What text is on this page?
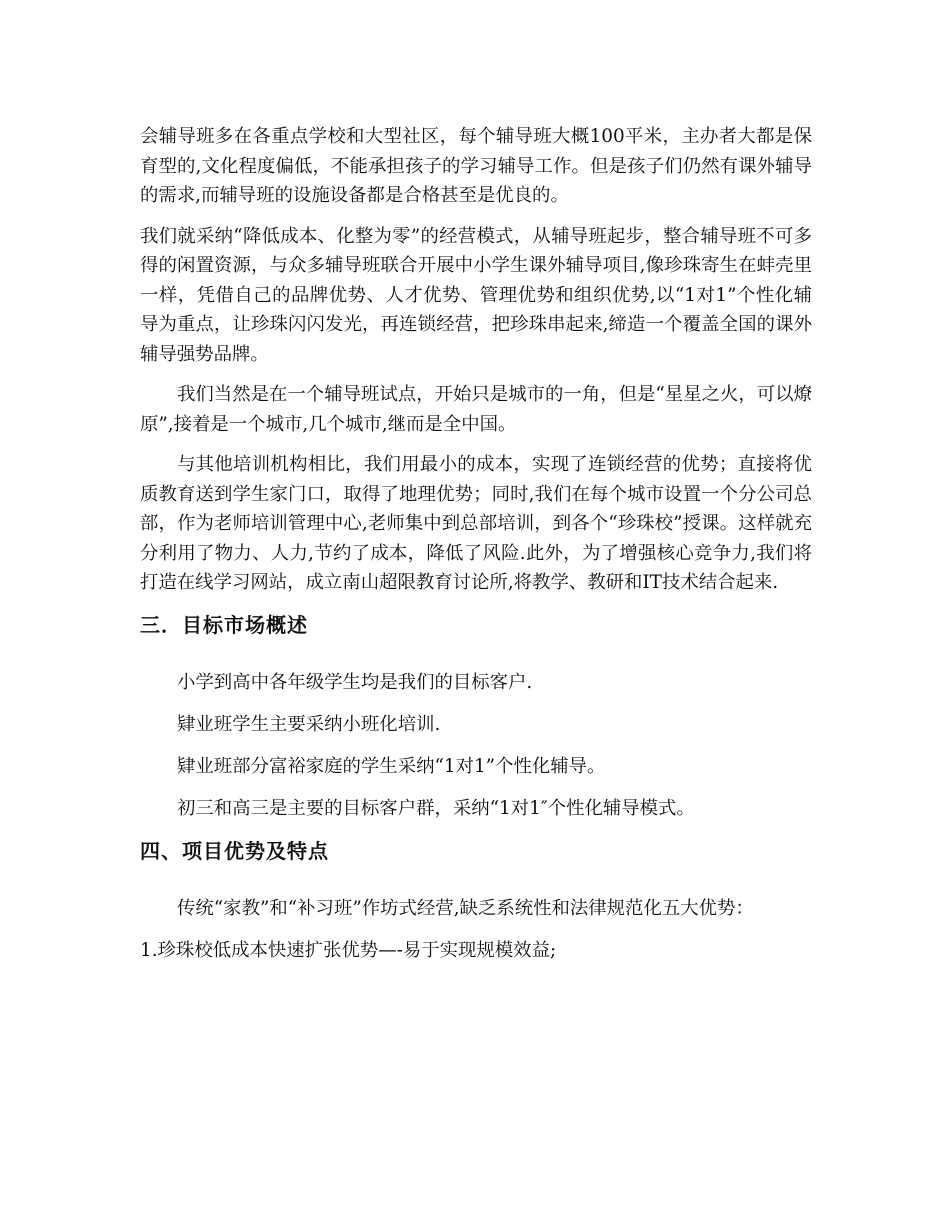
会辅导班多在各重点学校和大型社区，每个辅导班大概100平米，主办者大都是保育型的,文化程度偏低，不能承担孩子的学习辅导工作。但是孩子们仍然有课外辅导的需求,而辅导班的设施设备都是合格甚至是优良的。

我们就采纳“降低成本、化整为零”的经营模式，从辅导班起步，整合辅导班不可多得的闲置资源，与众多辅导班联合开展中小学生课外辅导项目,像珍珠寄生在蚌壳里一样，凭借自己的品牌优势、人才优势、管理优势和组织优势,以“1对1”个性化辅导为重点，让珍珠闪闪发光，再连锁经营，把珍珠串起来,缔造一个覆盖全国的课外辅导强势品牌。

我们当然是在一个辅导班试点，开始只是城市的一角，但是“星星之火，可以燎原”,接着是一个城市,几个城市,继而是全中国。

与其他培训机构相比，我们用最小的成本，实现了连锁经营的优势；直接将优质教育送到学生家门口，取得了地理优势；同时,我们在每个城市设置一个分公司总部，作为老师培训管理中心,老师集中到总部培训，到各个“珍珠校”授课。这样就充分利用了物力、人力,节约了成本，降低了风险.此外，为了增强核心竞争力,我们将打造在线学习网站，成立南山超限教育讨论所,将教学、教研和IT技术结合起来.

三．目标市场概述

小学到高中各年级学生均是我们的目标客户.

肄业班学生主要采纳小班化培训.

肄业班部分富裕家庭的学生采纳“1对1”个性化辅导。

初三和高三是主要的目标客户群，采纳“1对1″个性化辅导模式。

四、项目优势及特点

传统“家教”和“补习班”作坊式经营,缺乏系统性和法律规范化五大优势：

1.珍珠校低成本快速扩张优势—-易于实现规模效益;
